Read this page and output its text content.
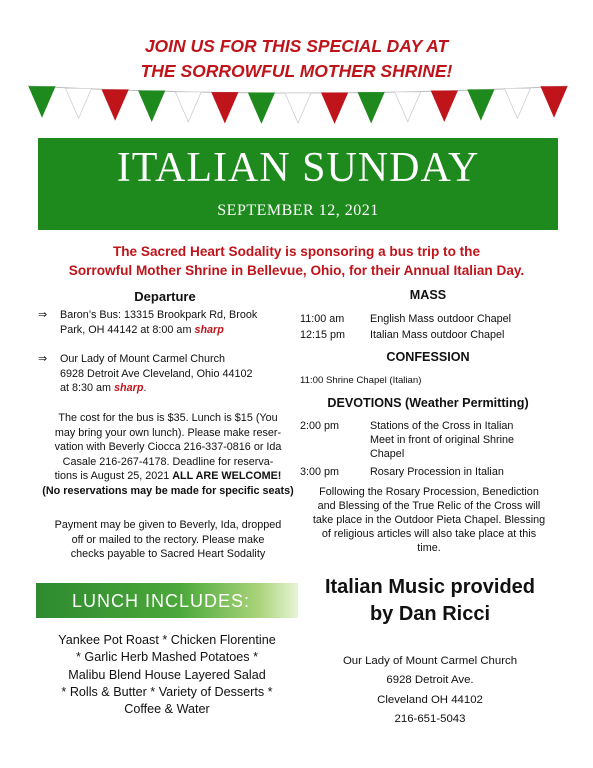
JOIN US FOR THIS SPECIAL DAY AT
THE SORROWFUL MOTHER SHRINE!
ITALIAN SUNDAY
SEPTEMBER 12, 2021
The Sacred Heart Sodality is sponsoring a bus trip to the
Sorrowful Mother Shrine in Bellevue, Ohio, for their Annual Italian Day.
Departure
⇒ Baron’s Bus: 13315 Brookpark Rd, Brook
Park, OH 44142 at 8:00 am sharp
⇒ Our Lady of Mount Carmel Church
6928 Detroit Ave Cleveland, Ohio 44102
at 8:30 am sharp.
The cost for the bus is $35. Lunch is $15 (You
may bring your own lunch). Please make reser-
vation with Beverly Ciocca 216-337-0816 or Ida
Casale 216-267-4178. Deadline for reserva-
tions is August 25, 2021 ALL ARE WELCOME!
(No reservations may be made for specific seats)
Payment may be given to Beverly, Ida, dropped
off or mailed to the rectory. Please make
checks payable to Sacred Heart Sodality
LUNCH INCLUDES:
Yankee Pot Roast * Chicken Florentine
* Garlic Herb Mashed Potatoes *
Malibu Blend House Layered Salad
* Rolls & Butter * Variety of Desserts *
Coffee & Water
MASS
11:00 am English Mass outdoor Chapel
12:15 pm Italian Mass outdoor Chapel
CONFESSION
11:00 Shrine Chapel (Italian)
DEVOTIONS (Weather Permitting)
2:00 pm	Stations of the Cross in Italian
Meet in front of original Shrine
Chapel
3:00 pm	Rosary Procession in Italian
Following the Rosary Procession, Benediction
and Blessing of the True Relic of the Cross will
take place in the Outdoor Pieta Chapel. Blessing
of religious articles will also take place at this
time.
Italian Music provided
by Dan Ricci
Our Lady of Mount Carmel Church
6928 Detroit Ave.
Cleveland OH 44102
216-651-5043
